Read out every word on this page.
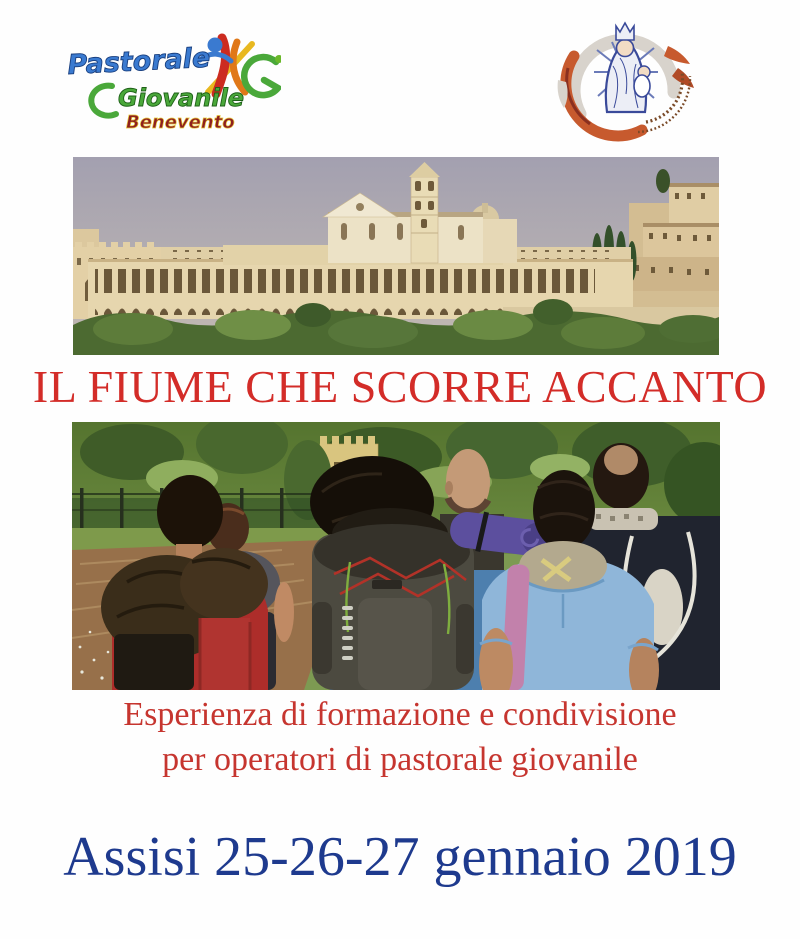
Pastorale
Giovanile
Benevento
IL FIUME CHE SCORRE ACCANTO

Esperienza di formazione e condivisione
per operatori di pastorale giovanile

Assisi 25-26-27 gennaio 2019
